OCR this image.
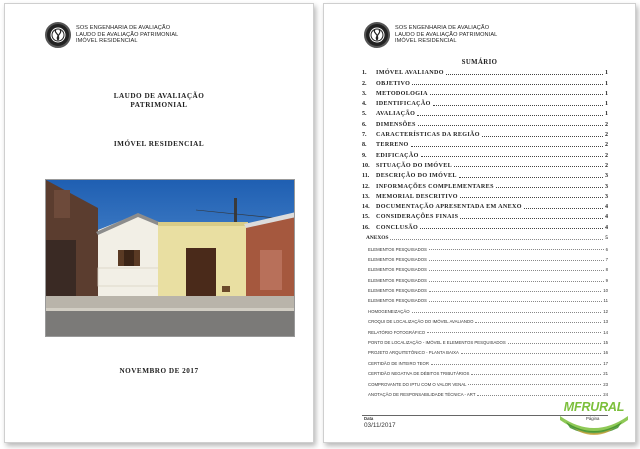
SOS ENGENHARIA DE AVALIAÇÃO
LAUDO DE AVALIAÇÃO PATRIMONIAL
IMÓVEL RESIDENCIAL
LAUDO DE AVALIAÇÃO
PATRIMONIAL
IMÓVEL RESIDENCIAL
NOVEMBRO DE 2017
SOS ENGENHARIA DE AVALIAÇÃO
LAUDO DE AVALIAÇÃO PATRIMONIAL
IMÓVEL RESIDENCIAL
SUMÁRIO
1.	IMÓVEL AVALIANDO	1
2.	OBJETIVO	1
3.	METODOLOGIA	1
4.	IDENTIFICAÇÃO	1
5.	AVALIAÇÃO	1
6.	DIMENSÕES	2
7.	CARACTERÍSTICAS DA REGIÃO	2
8.	TERRENO	2
9.	EDIFICAÇÃO	2
10.	SITUAÇÃO DO IMÓVEL	2
11.	DESCRIÇÃO DO IMÓVEL	3
12.	INFORMAÇÕES COMPLEMENTARES	3
13.	MEMORIAL DESCRITIVO	3
14.	DOCUMENTAÇÃO APRESENTADA EM ANEXO	4
15.	CONSIDERAÇÕES FINAIS	4
16.	CONCLUSÃO	4
ANEXOS	5
ELEMENTOS PESQUISADOS	6
ELEMENTOS PESQUISADOS	7
ELEMENTOS PESQUISADOS	8
ELEMENTOS PESQUISADOS	9
ELEMENTOS PESQUISADOS	10
ELEMENTOS PESQUISADOS	11
HOMOGENEIZAÇÃO	12
CROQUI DE LOCALIZAÇÃO DO IMÓVEL AVALIANDO	13
RELATÓRIO FOTOGRÁFICO	14
PONTO DE LOCALIZAÇÃO - IMÓVEL E ELEMENTOS PESQUISADOS	15
PROJETO ARQUITETÔNICO - PLANTA BAIXA	16
CERTIDÃO DE INTEIRO TEOR	17
CERTIDÃO NEGATIVA DE DÉBITOS TRIBUTÁRIOS	21
COMPROVANTE DO IPTU COM O VALOR VENAL	23
ANOTAÇÃO DE RESPONSABILIDADE TÉCNICA - ART	24
Data	Página
03/11/2017
MFRURAL
